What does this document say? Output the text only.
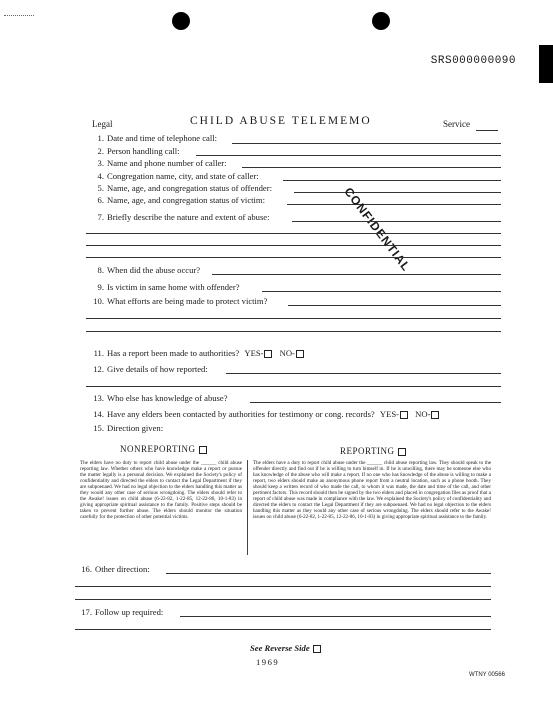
SRS000000090
Legal	CHILD ABUSE TELEMEMO	Service
1. Date and time of telephone call:
2. Person handling call:
3. Name and phone number of caller:
4. Congregation name, city, and state of caller:
5. Name, age, and congregation status of offender:
6. Name, age, and congregation status of victim:	CONFIDENTIAL
7. Briefly describe the nature and extent of abuse:
8. When did the abuse occur?
9. Is victim in same home with offender?
10. What efforts are being made to protect victim?
11. Has a report been made to authorities? YES- NO-
12. Give details of how reported:
13. Who else has knowledge of abuse?
14. Have any elders been contacted by authorities for testimony or cong. records? YES- NO-
15. Direction given:
NONREPORTING	REPORTING
The elders have no duty to report child abuse under the ______ child abuse reporting law. Whether others who have knowledge make a report or pursue the matter legally is a personal decision. We explained the Society's policy of confidentiality and directed the elders to contact the Legal Department if they are subpoenaed. We had no legal objection to the elders handling this matter as they would any other case of serious wrongdoing. The elders should refer to the Awake! issues on child abuse (6-22-82, 1-22-85, 12-22-86, 10-1-83) in giving appropriate spiritual assistance to the family. Positive steps should be taken to prevent further abuse. The elders should monitor the situation carefully for the protection of other potential victims.
The elders have a duty to report child abuse under the ______ child abuse reporting law. They should speak to the offender directly and find out if he is willing to turn himself in. If he is unwilling, there may be someone else who has knowledge of the abuse who will make a report. If no one who has knowledge of the abuse is willing to make a report, two elders should make an anonymous phone report from a neutral location, such as a phone booth. They should keep a written record of who made the call, to whom it was made, the date and time of the call, and other pertinent factors. This record should then be signed by the two elders and placed in congregation files as proof that a report of child abuse was made in compliance with the law. We explained the Society's policy of confidentiality and directed the elders to contact the Legal Department if they are subpoenaed. We had no legal objection to the elders handling this matter as they would any other case of serious wrongdoing. The elders should refer to the Awake! issues on child abuse (6-22-82, 1-22-85, 12-22-86, 10-1-83) in giving appropriate spiritual assistance to the family.
16. Other direction:
17. Follow up required:
See Reverse Side
1969
WTNY 00566
